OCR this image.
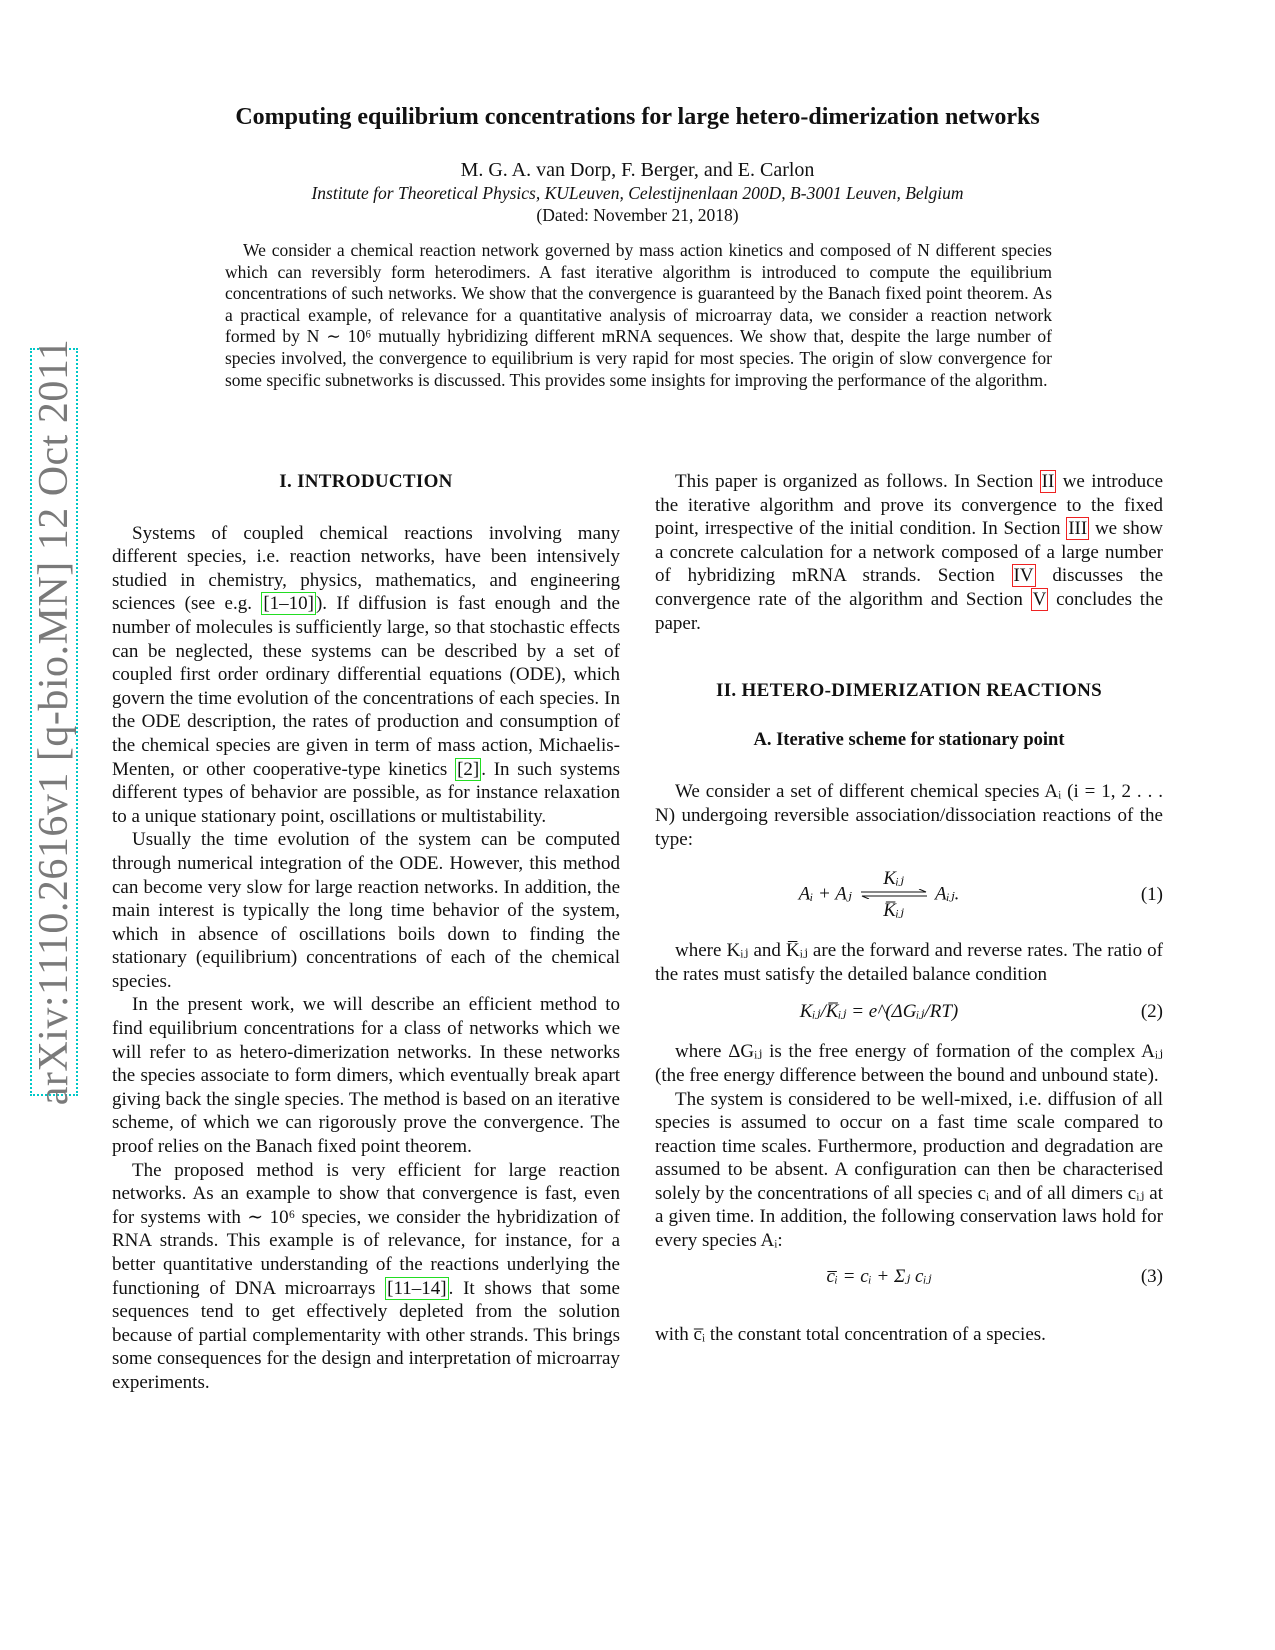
arXiv:1110.2616v1 [q-bio.MN] 12 Oct 2011
Computing equilibrium concentrations for large hetero-dimerization networks
M. G. A. van Dorp, F. Berger, and E. Carlon
Institute for Theoretical Physics, KULeuven, Celestijnenlaan 200D, B-3001 Leuven, Belgium
(Dated: November 21, 2018)

We consider a chemical reaction network governed by mass action kinetics and composed of N different species which can reversibly form heterodimers. A fast iterative algorithm is introduced to compute the equilibrium concentrations of such networks. We show that the convergence is guaranteed by the Banach fixed point theorem. As a practical example, of relevance for a quantitative analysis of microarray data, we consider a reaction network formed by N ∼ 10⁶ mutually hybridizing different mRNA sequences. We show that, despite the large number of species involved, the convergence to equilibrium is very rapid for most species. The origin of slow convergence for some specific subnetworks is discussed. This provides some insights for improving the performance of the algorithm.

I. INTRODUCTION

Systems of coupled chemical reactions involving many different species, i.e. reaction networks, have been intensively studied in chemistry, physics, mathematics, and engineering sciences (see e.g. [1–10] ). If diffusion is fast enough and the number of molecules is sufficiently large, so that stochastic effects can be neglected, these systems can be described by a set of coupled first order ordinary differential equations (ODE), which govern the time evolution of the concentrations of each species. In the ODE description, the rates of production and consumption of the chemical species are given in term of mass action, Michaelis-Menten, or other cooperative-type kinetics [2] . In such systems different types of behavior are possible, as for instance relaxation to a unique stationary point, oscillations or multistability.

Usually the time evolution of the system can be computed through numerical integration of the ODE. However, this method can become very slow for large reaction networks. In addition, the main interest is typically the long time behavior of the system, which in absence of oscillations boils down to finding the stationary (equilibrium) concentrations of each of the chemical species.

In the present work, we will describe an efficient method to find equilibrium concentrations for a class of networks which we will refer to as hetero-dimerization networks. In these networks the species associate to form dimers, which eventually break apart giving back the single species. The method is based on an iterative scheme, of which we can rigorously prove the convergence. The proof relies on the Banach fixed point theorem.

The proposed method is very efficient for large reaction networks. As an example to show that convergence is fast, even for systems with ∼ 10⁶ species, we consider the hybridization of RNA strands. This example is of relevance, for instance, for a better quantitative understanding of the reactions underlying the functioning of DNA microarrays [11–14] . It shows that some sequences tend to get effectively depleted from the solution because of partial complementarity with other strands. This brings some consequences for the design and interpretation of microarray experiments.

This paper is organized as follows. In Section II we introduce the iterative algorithm and prove its convergence to the fixed point, irrespective of the initial condition. In Section III we show a concrete calculation for a network composed of a large number of hybridizing mRNA strands. Section IV discusses the convergence rate of the algorithm and Section V concludes the paper.

II. HETERO-DIMERIZATION REACTIONS
A. Iterative scheme for stationary point

We consider a set of different chemical species Aᵢ (i = 1, 2 . . . N) undergoing reversible association/dissociation reactions of the type:

Aᵢ + Aⱼ
Kᵢⱼ
K̅ᵢⱼ
Aᵢⱼ.	(1)

where Kᵢⱼ and K̅ᵢⱼ are the forward and reverse rates. The ratio of the rates must satisfy the detailed balance condition

Kᵢⱼ/K̅ᵢⱼ = e^(ΔGᵢⱼ/RT)	(2)

where ΔGᵢⱼ is the free energy of formation of the complex Aᵢⱼ (the free energy difference between the bound and unbound state).

The system is considered to be well-mixed, i.e. diffusion of all species is assumed to occur on a fast time scale compared to reaction time scales. Furthermore, production and degradation are assumed to be absent. A configuration can then be characterised solely by the concentrations of all species cᵢ and of all dimers cᵢⱼ at a given time. In addition, the following conservation laws hold for every species Aᵢ:

c̅ᵢ = cᵢ + Σⱼ cᵢⱼ	(3)

with c̅ᵢ the constant total concentration of a species.
